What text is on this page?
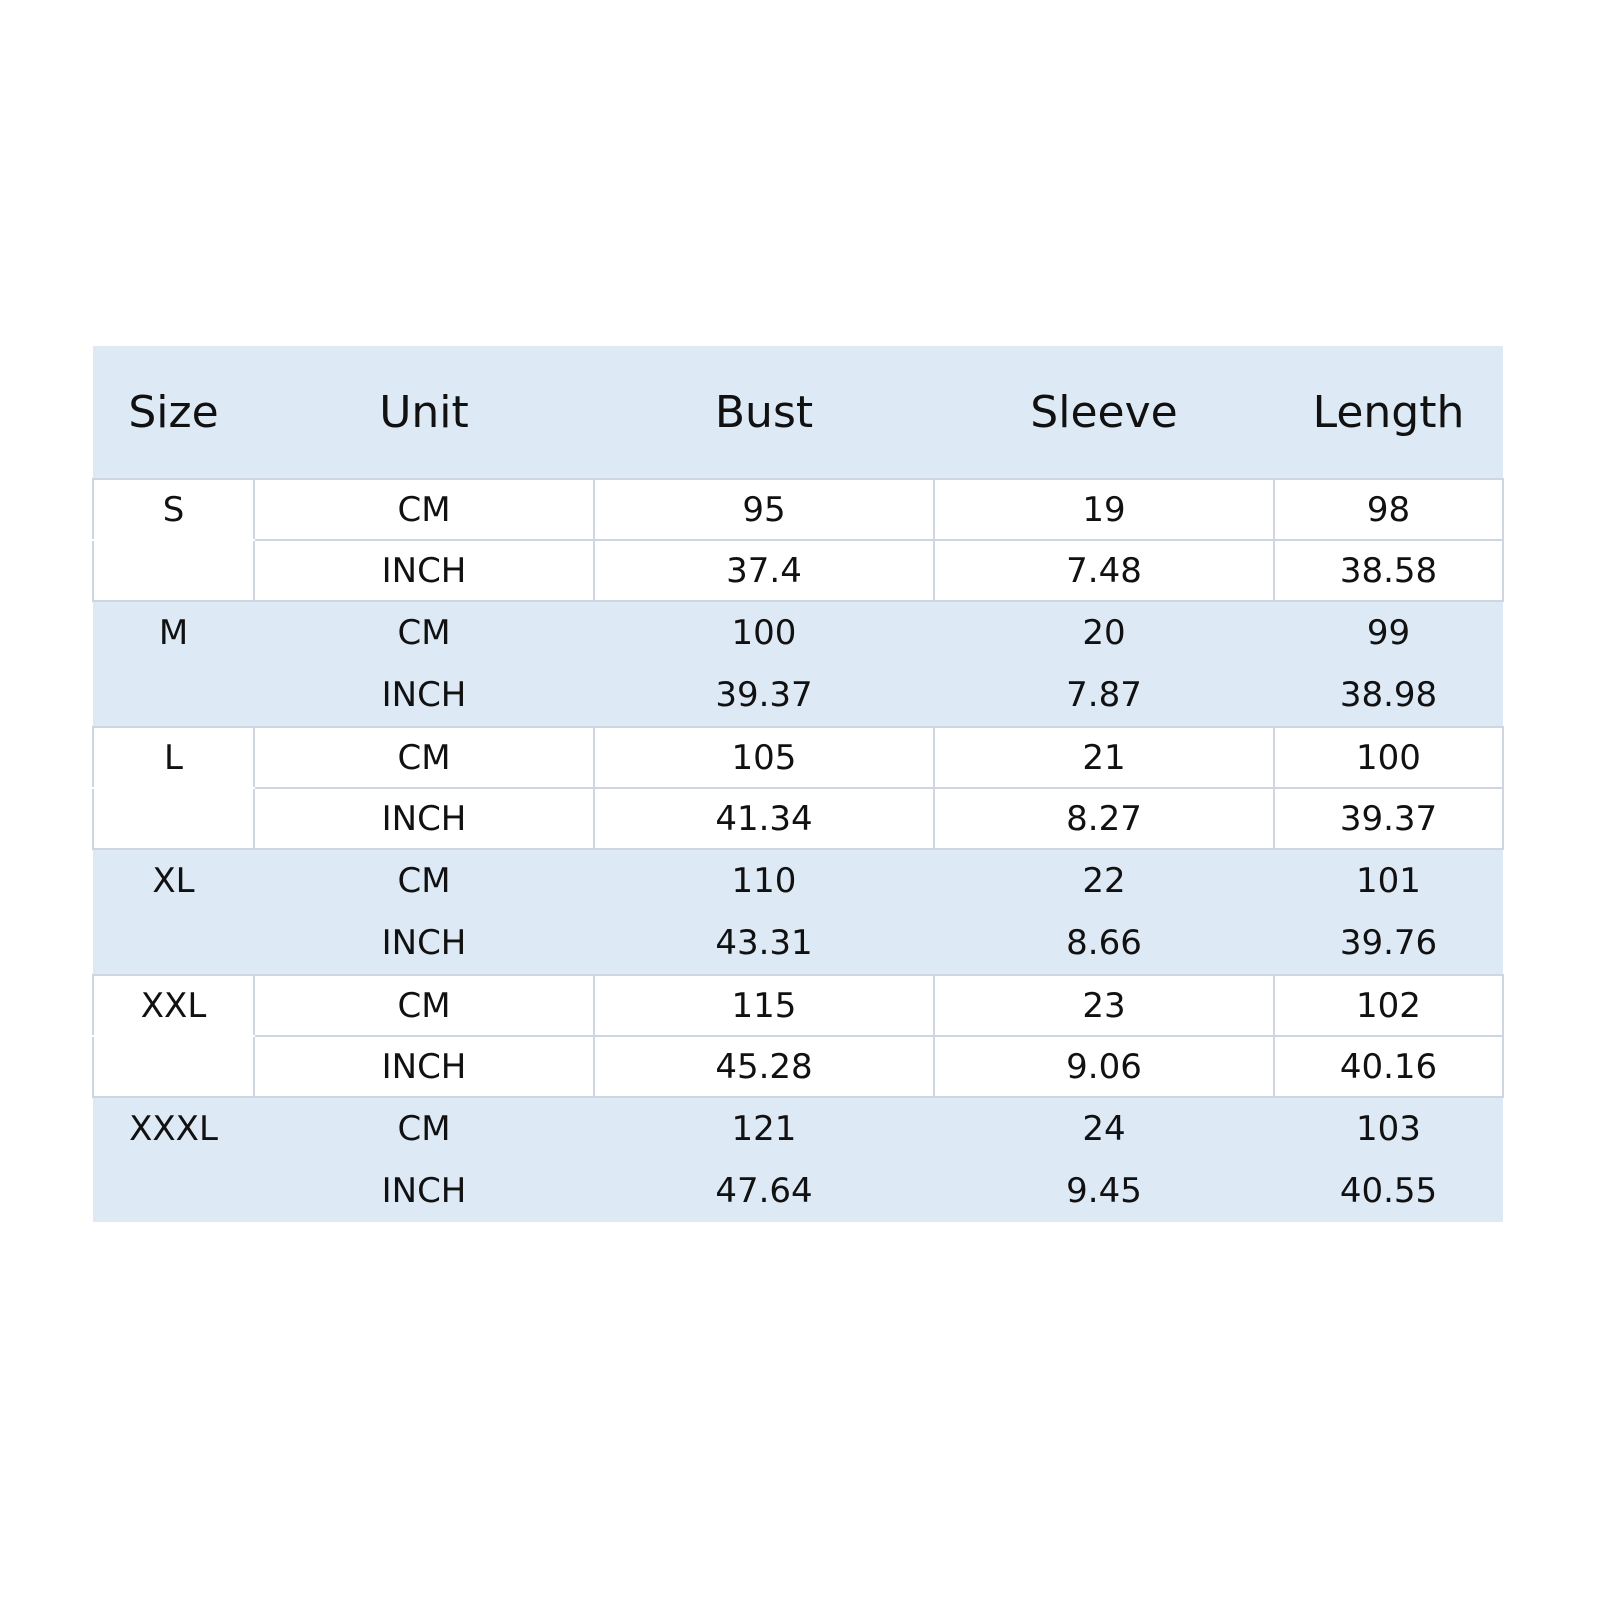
Size	Unit	Bust	Sleeve	Length
S	CM	95	19	98
	INCH	37.4	7.48	38.58
M	CM	100	20	99
	INCH	39.37	7.87	38.98
L	CM	105	21	100
	INCH	41.34	8.27	39.37
XL	CM	110	22	101
	INCH	43.31	8.66	39.76
XXL	CM	115	23	102
	INCH	45.28	9.06	40.16
XXXL	CM	121	24	103
	INCH	47.64	9.45	40.55
